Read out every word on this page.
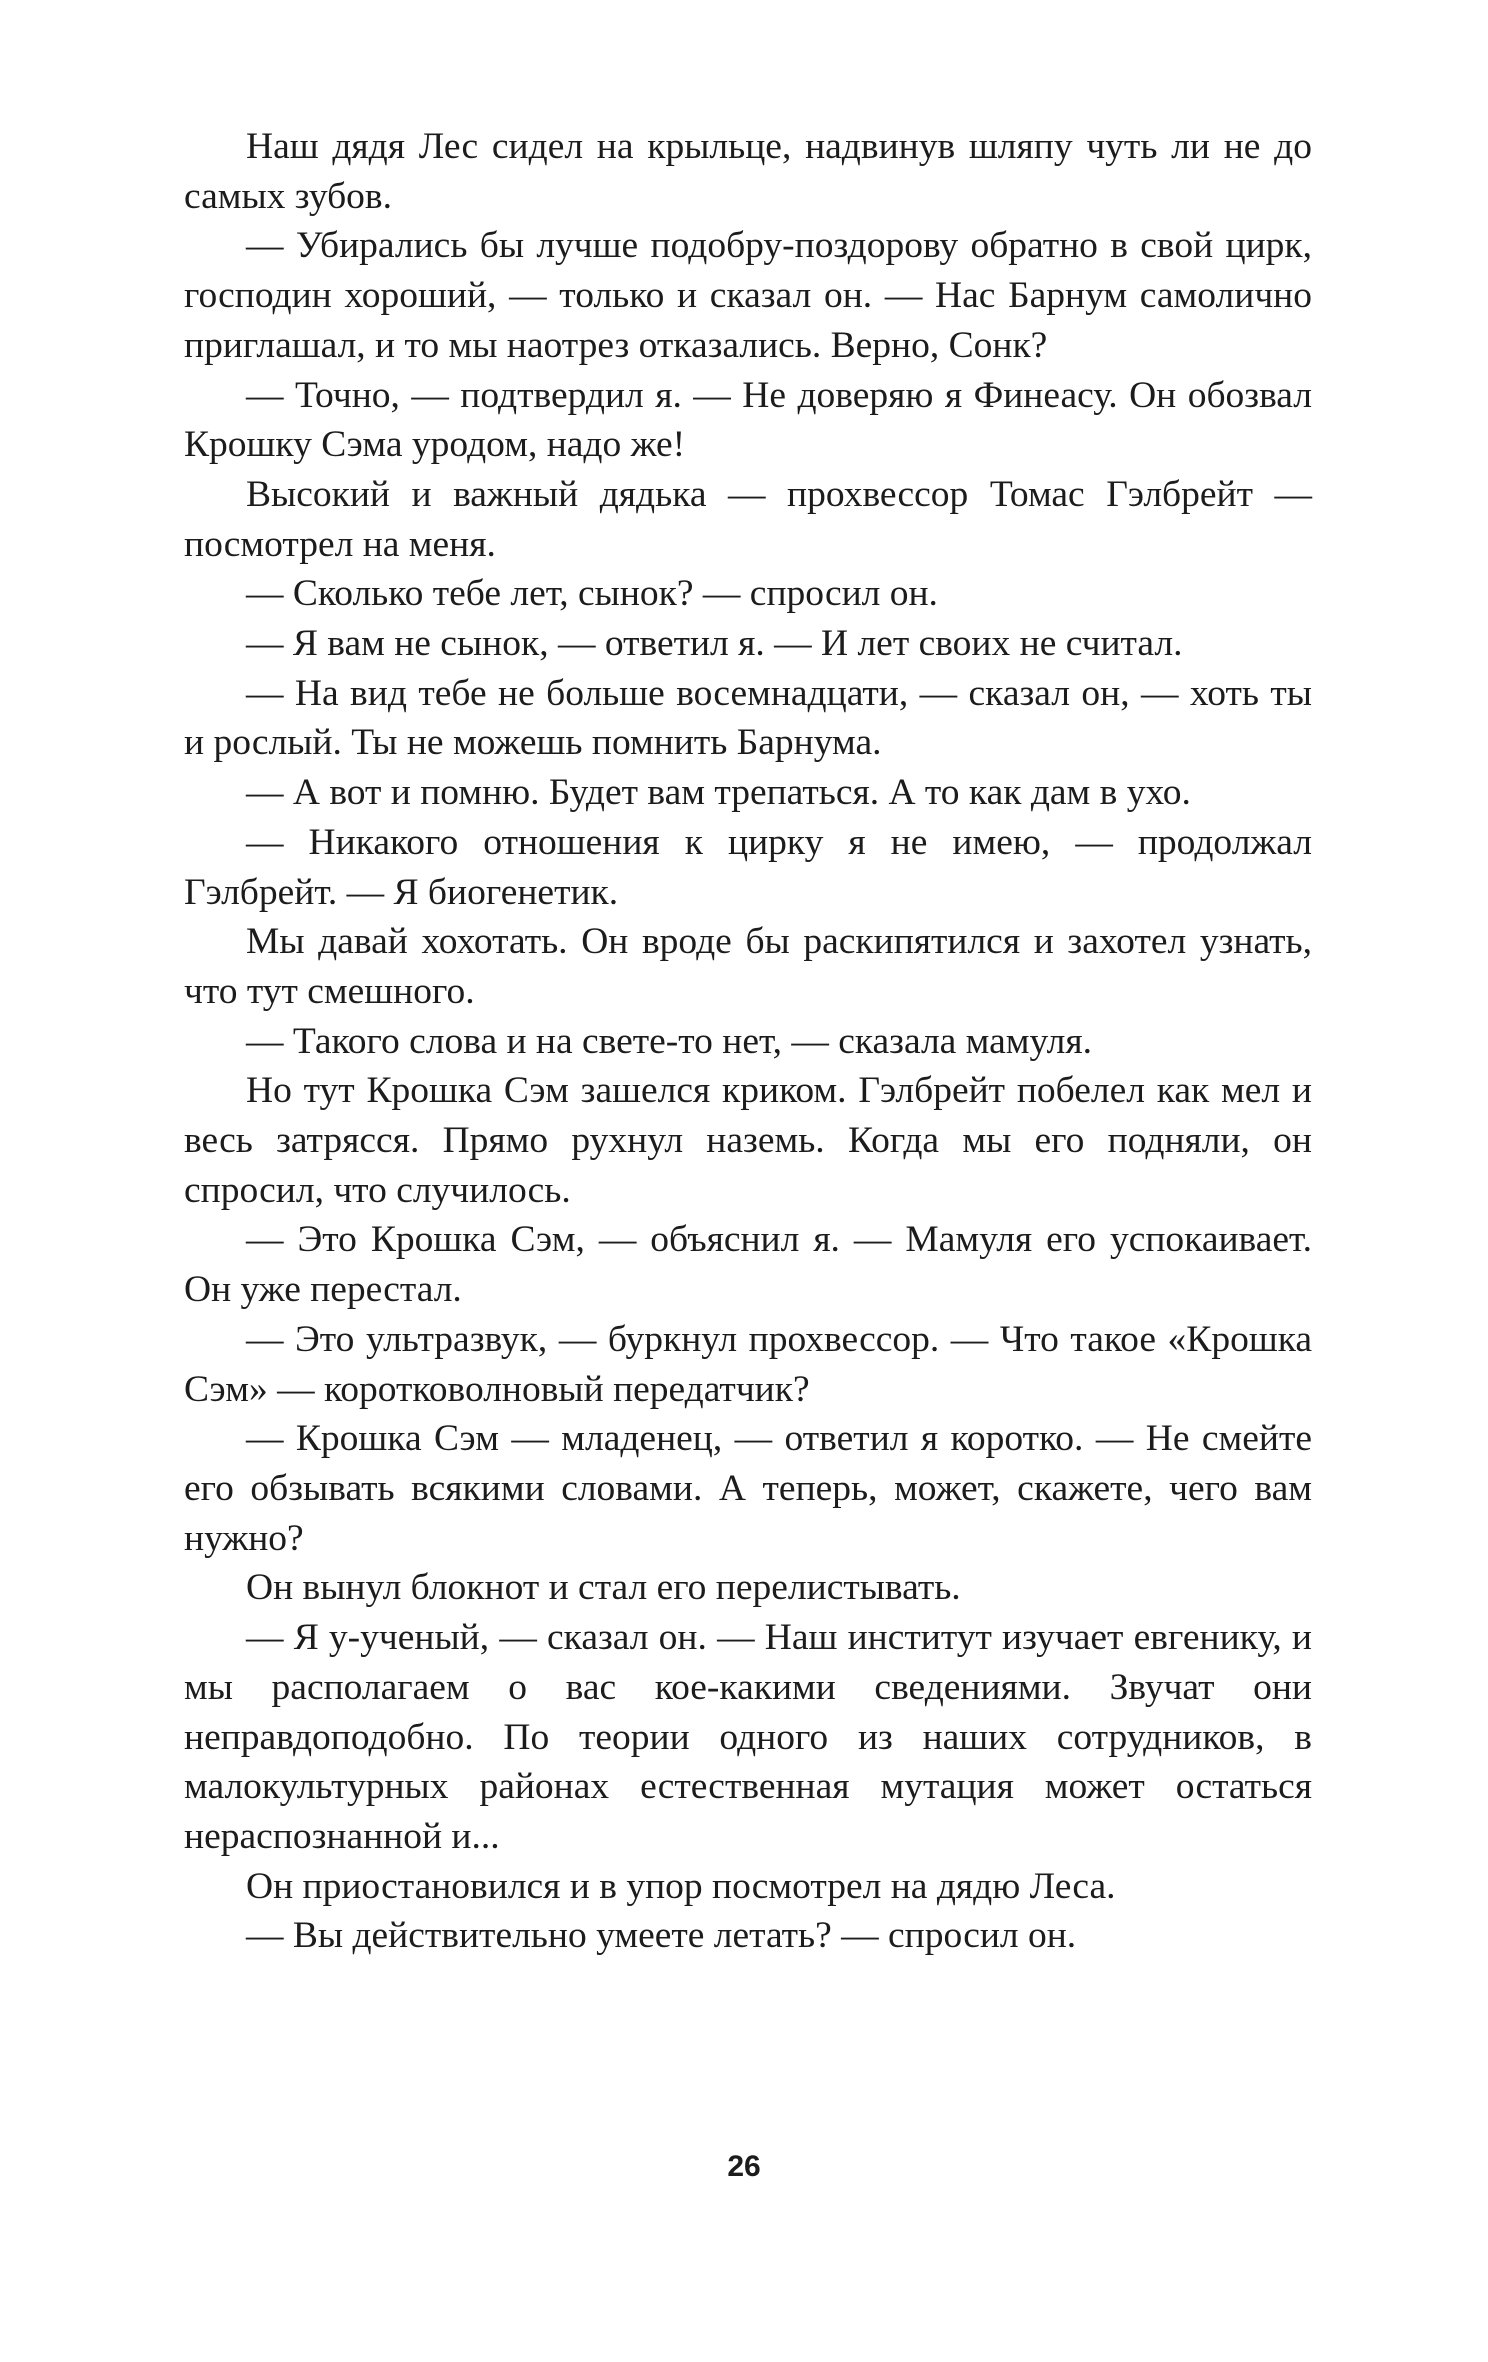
Наш дядя Лес сидел на крыльце, надвинув шляпу чуть ли не до самых зубов.

— Убирались бы лучше подобру-поздорову обратно в свой цирк, господин хороший, — только и сказал он. — Нас Барнум самолично приглашал, и то мы наотрез отказались. Верно, Сонк?

— Точно, — подтвердил я. — Не доверяю я Финеасу. Он обозвал Крошку Сэма уродом, надо же!

Высокий и важный дядька — прохвессор Томас Гэлбрейт — посмотрел на меня.

— Сколько тебе лет, сынок? — спросил он.

— Я вам не сынок, — ответил я. — И лет своих не считал.

— На вид тебе не больше восемнадцати, — сказал он, — хоть ты и рослый. Ты не можешь помнить Барнума.

— А вот и помню. Будет вам трепаться. А то как дам в ухо.

— Никакого отношения к цирку я не имею, — продолжал Гэлбрейт. — Я биогенетик.

Мы давай хохотать. Он вроде бы раскипятился и захотел узнать, что тут смешного.

— Такого слова и на свете-то нет, — сказала мамуля.

Но тут Крошка Сэм зашелся криком. Гэлбрейт побелел как мел и весь затрясся. Прямо рухнул наземь. Когда мы его подняли, он спросил, что случилось.

— Это Крошка Сэм, — объяснил я. — Мамуля его успокаивает. Он уже перестал.

— Это ультразвук, — буркнул прохвессор. — Что такое «Крошка Сэм» — коротковолновый передатчик?

— Крошка Сэм — младенец, — ответил я коротко. — Не смейте его обзывать всякими словами. А теперь, может, скажете, чего вам нужно?

Он вынул блокнот и стал его перелистывать.

— Я у-ученый, — сказал он. — Наш институт изучает евгенику, и мы располагаем о вас кое-какими сведениями. Звучат они неправдоподобно. По теории одного из наших сотрудников, в малокультурных районах естественная мутация может остаться нераспознанной и...

Он приостановился и в упор посмотрел на дядю Леса.

— Вы действительно умеете летать? — спросил он.

26
